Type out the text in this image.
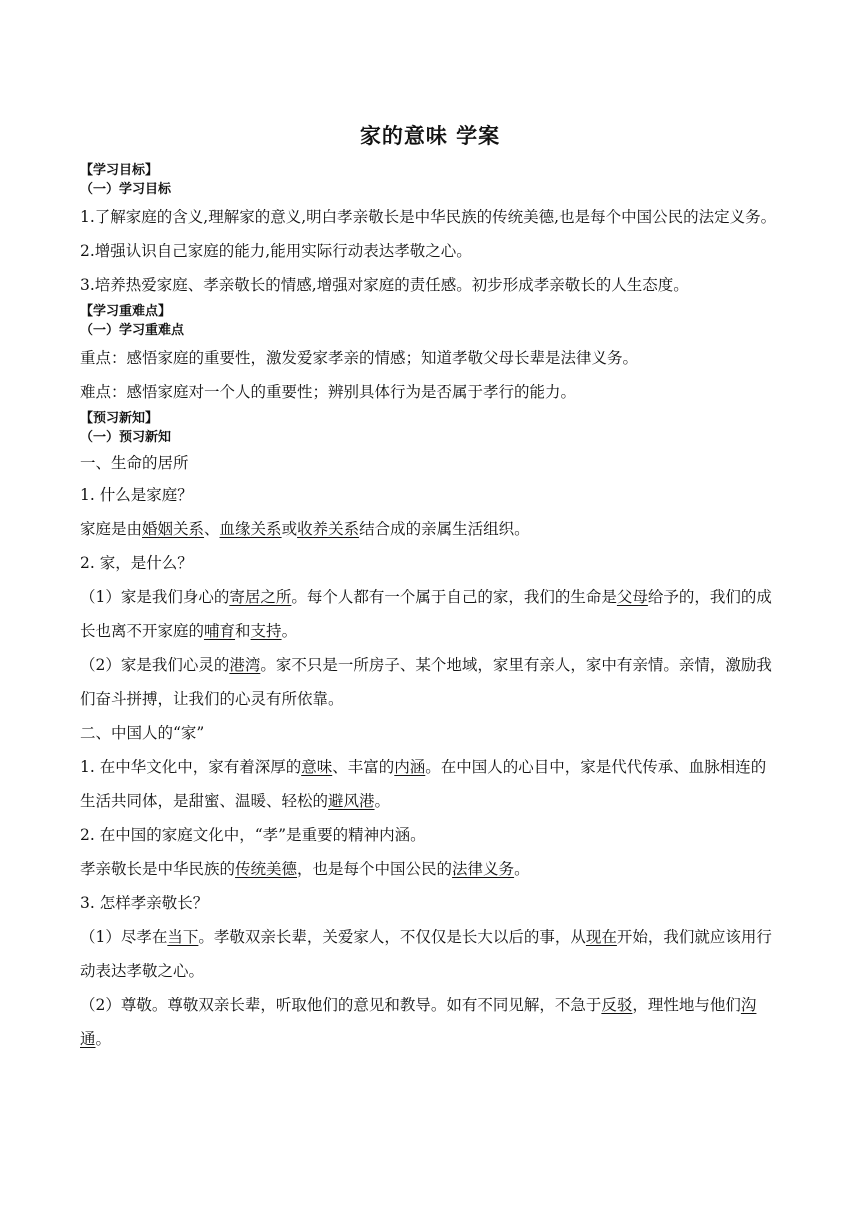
家的意味 学案
【学习目标】
（一）学习目标
1.了解家庭的含义,理解家的意义,明白孝亲敬长是中华民族的传统美德,也是每个中国公民的法定义务。
2.增强认识自己家庭的能力,能用实际行动表达孝敬之心。
3.培养热爱家庭、孝亲敬长的情感,增强对家庭的责任感。初步形成孝亲敬长的人生态度。
【学习重难点】
（一）学习重难点
重点：感悟家庭的重要性，激发爱家孝亲的情感；知道孝敬父母长辈是法律义务。
难点：感悟家庭对一个人的重要性；辨别具体行为是否属于孝行的能力。
【预习新知】
（一）预习新知
一、生命的居所
1. 什么是家庭？
家庭是由婚姻关系、血缘关系或收养关系结合成的亲属生活组织。
2. 家，是什么？
（1）家是我们身心的寄居之所。每个人都有一个属于自己的家，我们的生命是父母给予的，我们的成长也离不开家庭的哺育和支持。
（2）家是我们心灵的港湾。家不只是一所房子、某个地域，家里有亲人，家中有亲情。亲情，激励我们奋斗拼搏，让我们的心灵有所依靠。
二、中国人的“家”
1. 在中华文化中，家有着深厚的意味、丰富的内涵。在中国人的心目中，家是代代传承、血脉相连的生活共同体，是甜蜜、温暖、轻松的避风港。
2. 在中国的家庭文化中，“孝”是重要的精神内涵。
孝亲敬长是中华民族的传统美德，也是每个中国公民的法律义务。
3. 怎样孝亲敬长？
（1）尽孝在当下。孝敬双亲长辈，关爱家人，不仅仅是长大以后的事，从现在开始，我们就应该用行动表达孝敬之心。
（2）尊敬。尊敬双亲长辈，听取他们的意见和教导。如有不同见解，不急于反驳，理性地与他们沟通。
